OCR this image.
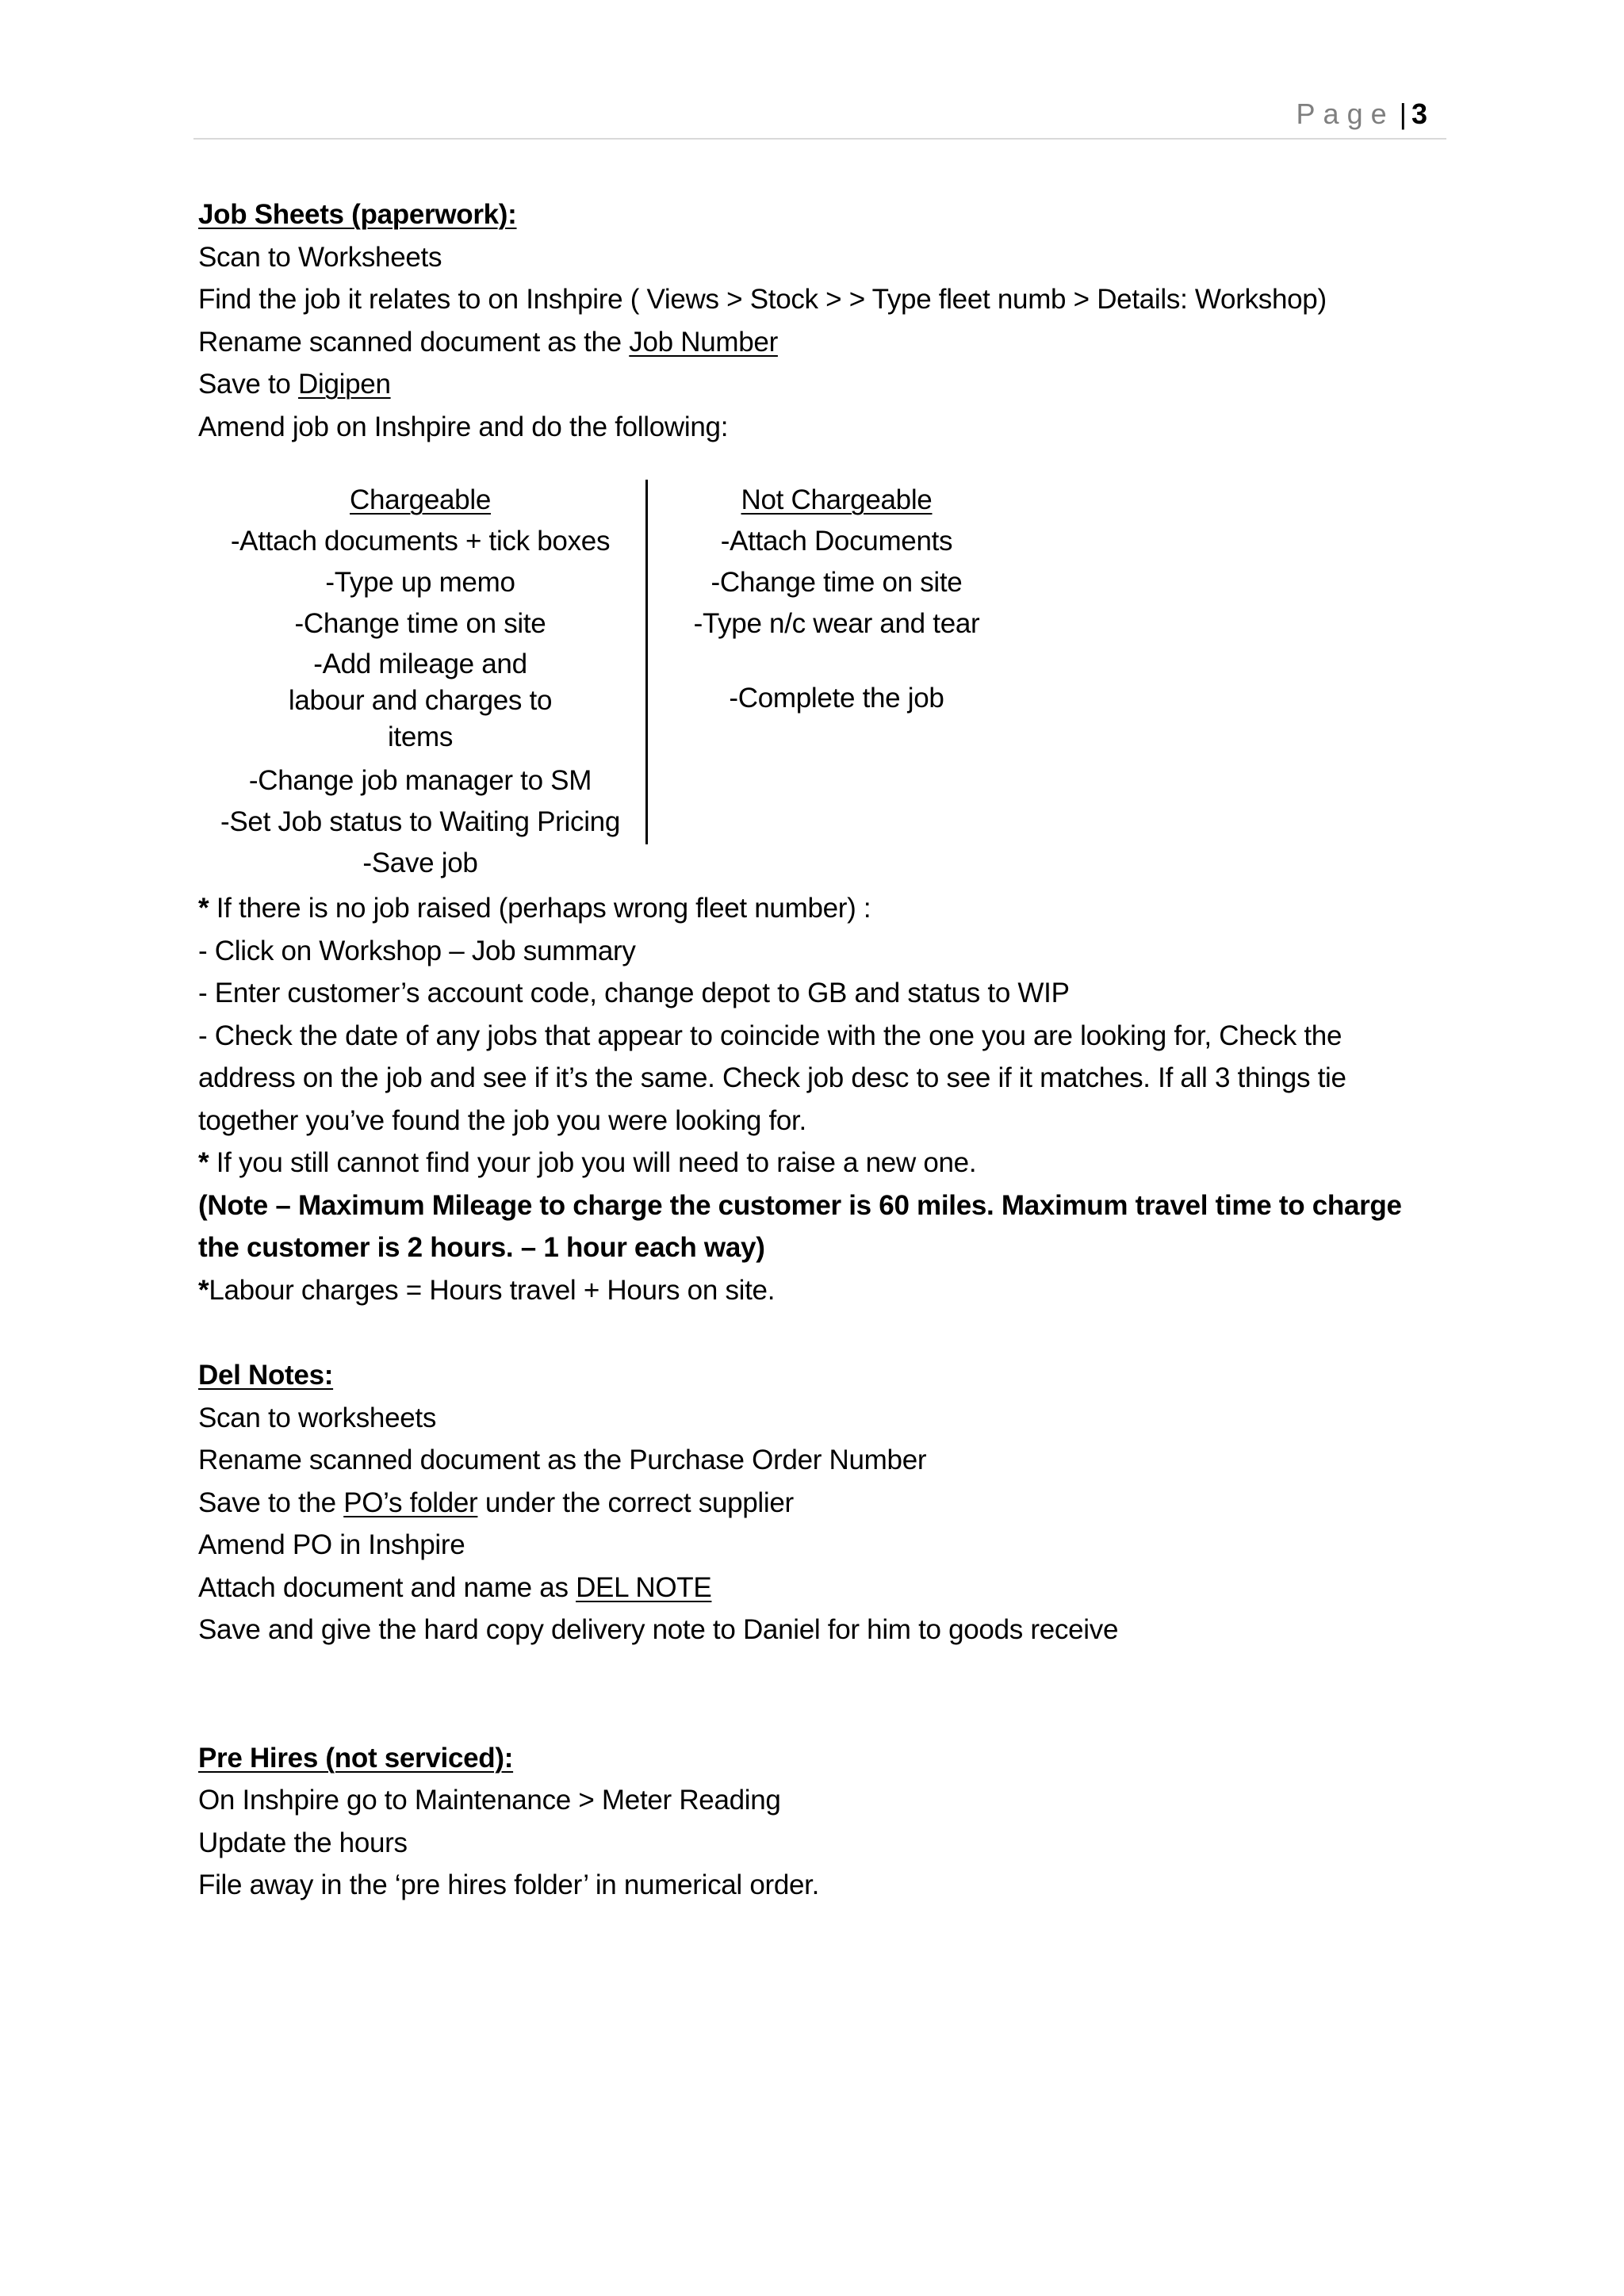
Page | 3
Job Sheets (paperwork):
Scan to Worksheets
Find the job it relates to on Inshpire ( Views > Stock > > Type fleet numb > Details: Workshop)
Rename scanned document as the Job Number
Save to Digipen
Amend job on Inshpire and do the following:
Chargeable
-Attach documents + tick boxes
-Type up memo
-Change time on site
-Add mileage and labour and charges to items
-Change job manager to SM
-Set Job status to Waiting Pricing
-Save job
Not Chargeable
-Attach Documents
-Change time on site
-Type n/c wear and tear
-Complete the job
* If there is no job raised (perhaps wrong fleet number) :
- Click on Workshop – Job summary
- Enter customer’s account code, change depot to GB and status to WIP
- Check the date of any jobs that appear to coincide with the one you are looking for, Check the address on the job and see if it’s the same. Check job desc to see if it matches. If all 3 things tie together you’ve found the job you were looking for.
* If you still cannot find your job you will need to raise a new one.
(Note – Maximum Mileage to charge the customer is 60 miles. Maximum travel time to charge the customer is 2 hours. – 1 hour each way)
*Labour charges = Hours travel + Hours on site.
Del Notes:
Scan to worksheets
Rename scanned document as the Purchase Order Number
Save to the PO’s folder under the correct supplier
Amend PO in Inshpire
Attach document and name as DEL NOTE
Save and give the hard copy delivery note to Daniel for him to goods receive
Pre Hires (not serviced):
On Inshpire go to Maintenance > Meter Reading
Update the hours
File away in the ‘pre hires folder’ in numerical order.
